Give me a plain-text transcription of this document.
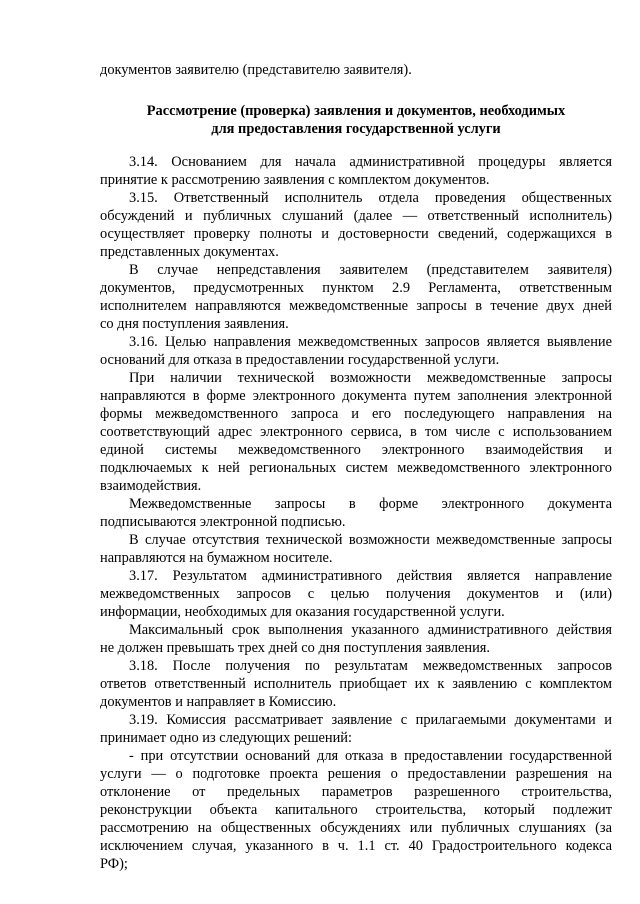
документов заявителю (представителю заявителя).
Рассмотрение (проверка) заявления и документов, необходимых
для предоставления государственной услуги
3.14. Основанием для начала административной процедуры является
принятие к рассмотрению заявления с комплектом документов.
3.15. Ответственный исполнитель отдела проведения общественных
обсуждений и публичных слушаний (далее — ответственный исполнитель)
осуществляет проверку полноты и достоверности сведений, содержащихся в
представленных документах.
В случае непредставления заявителем (представителем заявителя)
документов, предусмотренных пунктом 2.9 Регламента, ответственным
исполнителем направляются межведомственные запросы в течение двух дней
со дня поступления заявления.
3.16. Целью направления межведомственных запросов является выявление
оснований для отказа в предоставлении государственной услуги.
При наличии технической возможности межведомственные запросы
направляются в форме электронного документа путем заполнения электронной
формы межведомственного запроса и его последующего направления на
соответствующий адрес электронного сервиса, в том числе с использованием
единой системы межведомственного электронного взаимодействия и
подключаемых к ней региональных систем межведомственного электронного
взаимодействия.
Межведомственные запросы в форме электронного документа
подписываются электронной подписью.
В случае отсутствия технической возможности межведомственные запросы
направляются на бумажном носителе.
3.17. Результатом административного действия является направление
межведомственных запросов с целью получения документов и (или)
информации, необходимых для оказания государственной услуги.
Максимальный срок выполнения указанного административного действия
не должен превышать трех дней со дня поступления заявления.
3.18. После получения по результатам межведомственных запросов
ответов ответственный исполнитель приобщает их к заявлению с комплектом
документов и направляет в Комиссию.
3.19. Комиссия рассматривает заявление с прилагаемыми документами и
принимает одно из следующих решений:
- при отсутствии оснований для отказа в предоставлении государственной
услуги — о подготовке проекта решения о предоставлении разрешения на
отклонение от предельных параметров разрешенного строительства,
реконструкции объекта капитального строительства, который подлежит
рассмотрению на общественных обсуждениях или публичных слушаниях (за
исключением случая, указанного в ч. 1.1 ст. 40 Градостроительного кодекса
РФ);
